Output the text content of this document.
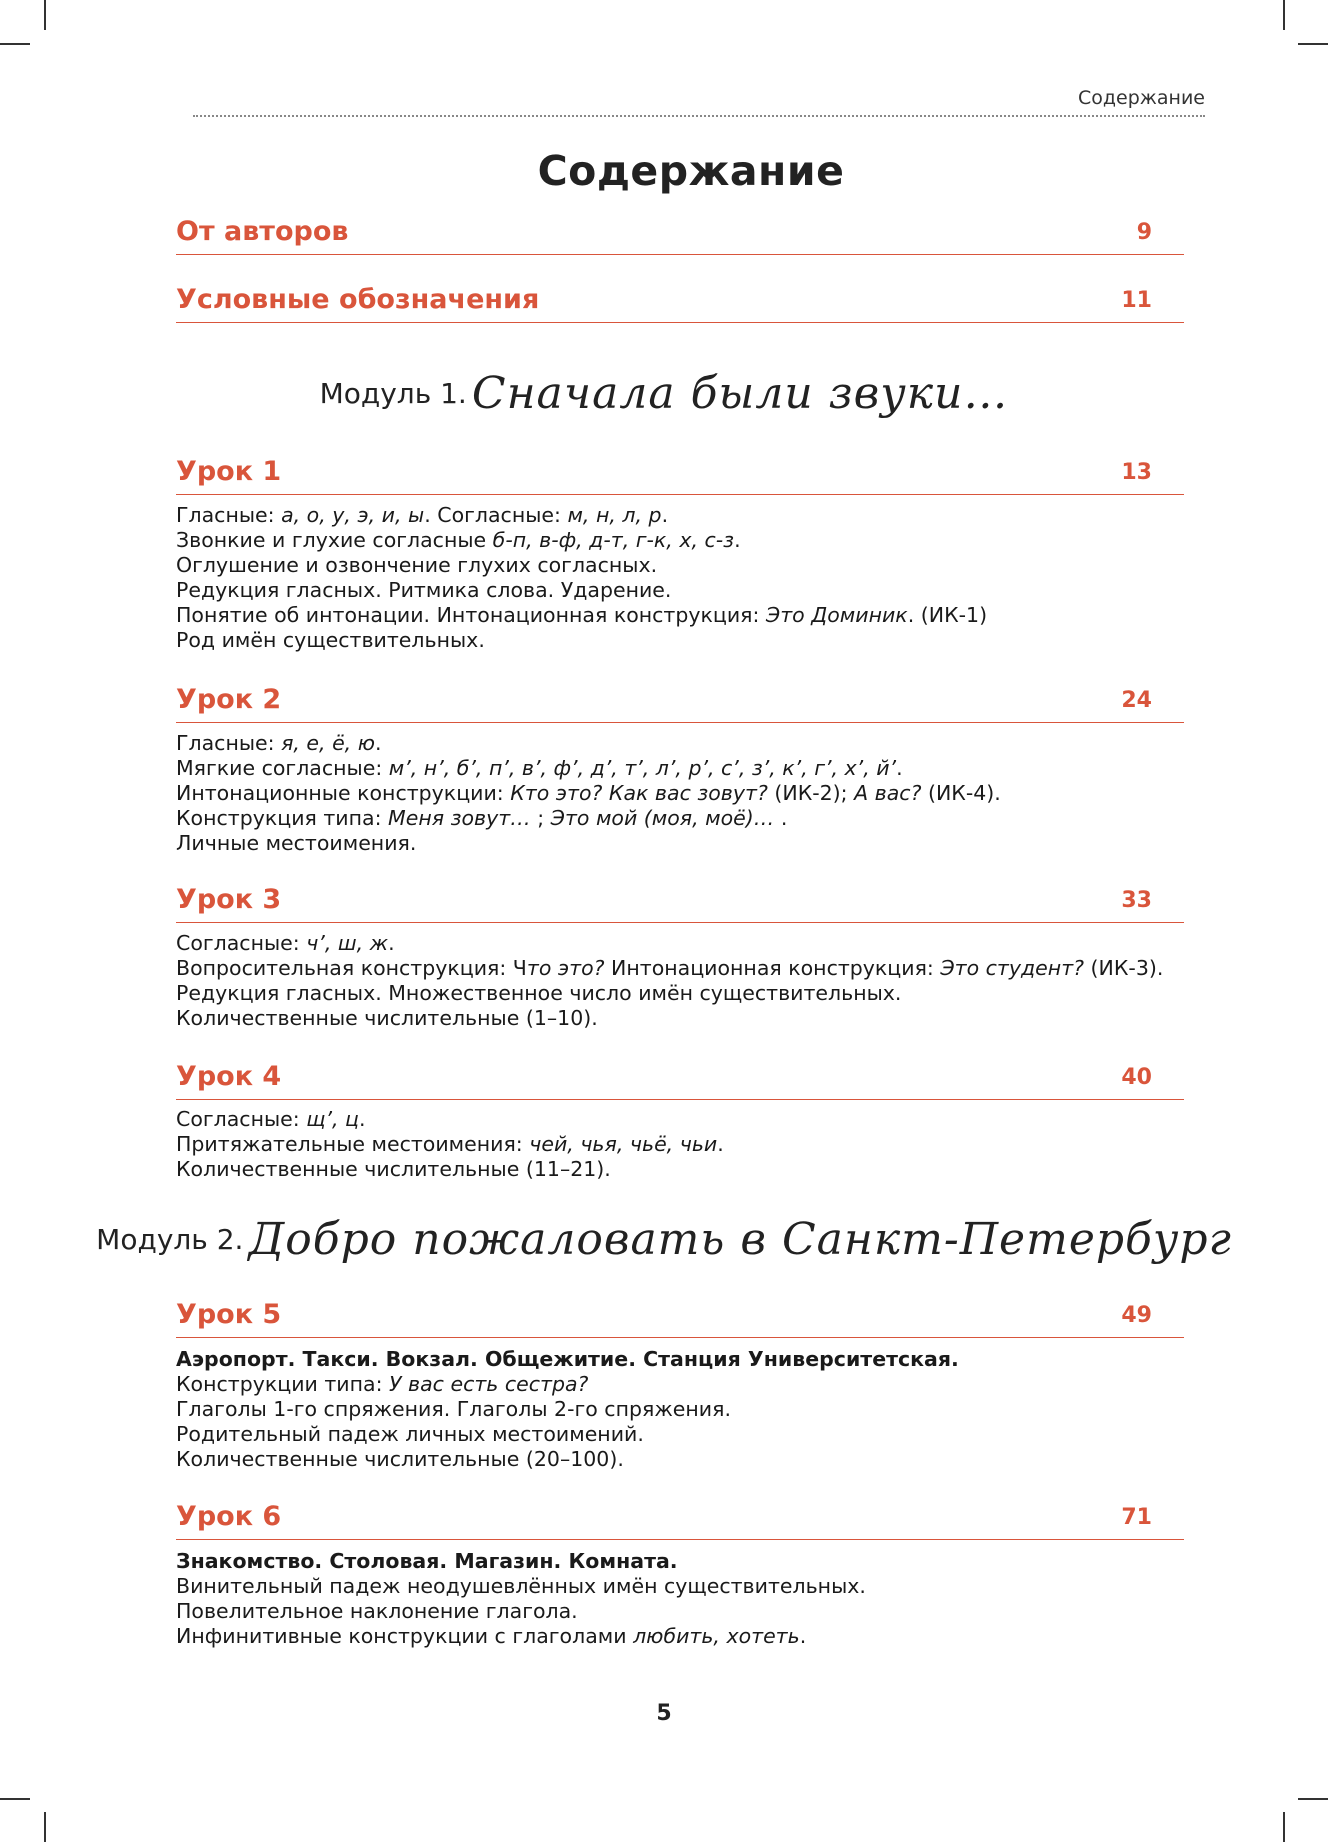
Содержание
Содержание
От авторов	9
Условные обозначения	11
Модуль 1. Сначала были звуки…
Урок 1	13
Гласные: а, о, у, э, и, ы. Согласные: м, н, л, р.
Звонкие и глухие согласные б-п, в-ф, д-т, г-к, х, с-з.
Оглушение и озвончение глухих согласных.
Редукция гласных. Ритмика слова. Ударение.
Понятие об интонации. Интонационная конструкция: Это Доминик. (ИК-1)
Род имён существительных.
Урок 2	24
Гласные: я, е, ё, ю.
Мягкие согласные: м’, н’, б’, п’, в’, ф’, д’, т’, л’, р’, с’, з’, к’, г’, х’, й’.
Интонационные конструкции: Кто это? Как вас зовут? (ИК-2); А вас? (ИК-4).
Конструкция типа: Меня зовут… ; Это мой (моя, моё)… .
Личные местоимения.
Урок 3	33
Согласные: ч’, ш, ж.
Вопросительная конструкция: Что это? Интонационная конструкция: Это студент? (ИК-3).
Редукция гласных. Множественное число имён существительных.
Количественные числительные (1–10).
Урок 4	40
Согласные: щ’, ц.
Притяжательные местоимения: чей, чья, чьё, чьи.
Количественные числительные (11–21).
Модуль 2. Добро пожаловать в Санкт-Петербург
Урок 5	49
Аэропорт. Такси. Вокзал. Общежитие. Станция Университетская.
Конструкции типа: У вас есть сестра?
Глаголы 1-го спряжения. Глаголы 2-го спряжения.
Родительный падеж личных местоимений.
Количественные числительные (20–100).
Урок 6	71
Знакомство. Столовая. Магазин. Комната.
Винительный падеж неодушевлённых имён существительных.
Повелительное наклонение глагола.
Инфинитивные конструкции с глаголами любить, хотеть.
5
